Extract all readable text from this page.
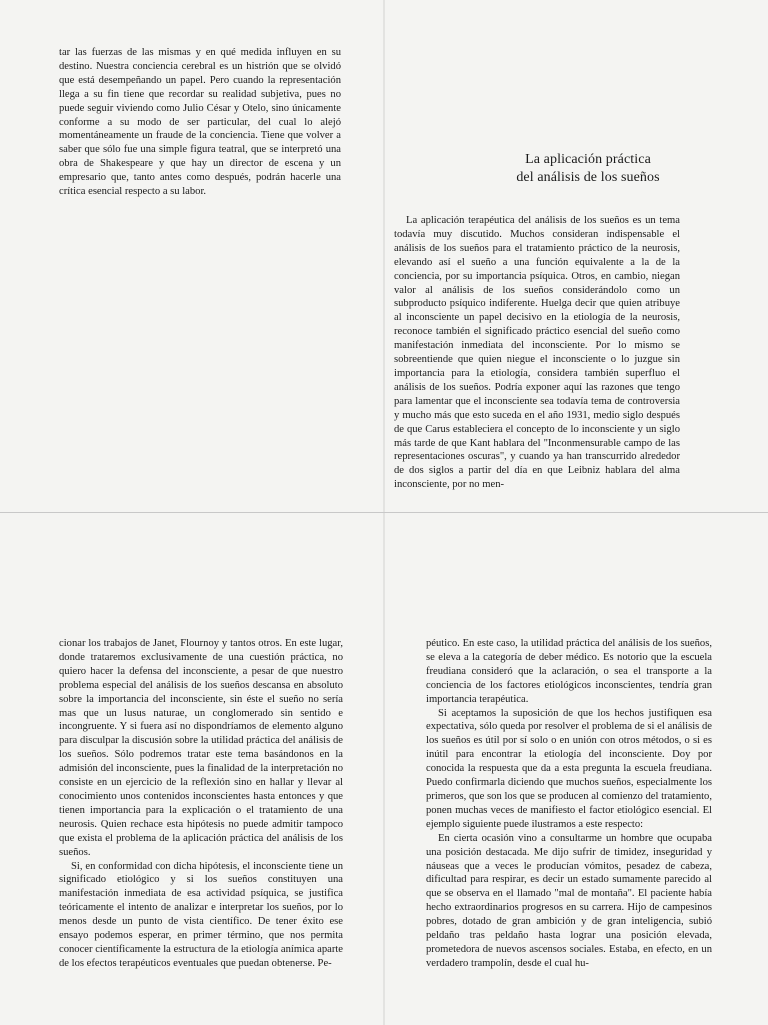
tar las fuerzas de las mismas y en qué medida influyen en su destino. Nuestra conciencia cerebral es un histrión que se olvidó que está desempeñando un papel. Pero cuando la representación llega a su fin tiene que recordar su realidad subjetiva, pues no puede seguir viviendo como Julio César y Otelo, sino únicamente conforme a su modo de ser particular, del cual lo alejó momentáneamente un fraude de la conciencia. Tiene que volver a saber que sólo fue una simple figura teatral, que se interpretó una obra de Shakespeare y que hay un director de escena y un empresario que, tanto antes como después, podrán hacerle una crítica esencial respecto a su labor.

La aplicación práctica
del análisis de los sueños

La aplicación terapéutica del análisis de los sueños es un tema todavía muy discutido. Muchos consideran indispensable el análisis de los sueños para el tratamiento práctico de la neurosis, elevando así el sueño a una función equivalente a la de la conciencia, por su importancia psíquica. Otros, en cambio, niegan valor al análisis de los sueños considerándolo como un subproducto psíquico indiferente. Huelga decir que quien atribuye al inconsciente un papel decisivo en la etiología de la neurosis, reconoce también el significado práctico esencial del sueño como manifestación inmediata del inconsciente. Por lo mismo se sobreentiende que quien niegue el inconsciente o lo juzgue sin importancia para la etiología, considera también superfluo el análisis de los sueños. Podría exponer aquí las razones que tengo para lamentar que el inconsciente sea todavía tema de controversia y mucho más que esto suceda en el año 1931, medio siglo después de que Carus estableciera el concepto de lo inconsciente y un siglo más tarde de que Kant hablara del "Inconmensurable campo de las representaciones oscuras", y cuando ya han transcurrido alrededor de dos siglos a partir del día en que Leibniz hablara del alma inconsciente, por no men-

cionar los trabajos de Janet, Flournoy y tantos otros. En este lugar, donde trataremos exclusivamente de una cuestión práctica, no quiero hacer la defensa del inconsciente, a pesar de que nuestro problema especial del análisis de los sueños descansa en absoluto sobre la importancia del inconsciente, sin éste el sueño no sería mas que un lusus naturae, un conglomerado sin sentido e incongruente. Y si fuera así no dispondríamos de elemento alguno para disculpar la discusión sobre la utilidad práctica del análisis de los sueños. Sólo podremos tratar este tema basándonos en la admisión del inconsciente, pues la finalidad de la interpretación no consiste en un ejercicio de la reflexión sino en hallar y llevar al conocimiento unos contenidos inconscientes hasta entonces y que tienen importancia para la explicación o el tratamiento de una neurosis. Quien rechace esta hipótesis no puede admitir tampoco que exista el problema de la aplicación práctica del análisis de los sueños.

Si, en conformidad con dicha hipótesis, el inconsciente tiene un significado etiológico y si los sueños constituyen una manifestación inmediata de esa actividad psíquica, se justifica teóricamente el intento de analizar e interpretar los sueños, por lo menos desde un punto de vista científico. De tener éxito ese ensayo podemos esperar, en primer término, que nos permita conocer científicamente la estructura de la etiología anímica aparte de los efectos terapéuticos eventuales que puedan obtenerse. Pe-

péutico. En este caso, la utilidad práctica del análisis de los sueños, se eleva a la categoría de deber médico. Es notorio que la escuela freudiana consideró que la aclaración, o sea el transporte a la conciencia de los factores etiológicos inconscientes, tendría gran importancia terapéutica.

Si aceptamos la suposición de que los hechos justifiquen esa expectativa, sólo queda por resolver el problema de si el análisis de los sueños es útil por sí solo o en unión con otros métodos, o si es inútil para encontrar la etiología del inconsciente. Doy por conocida la respuesta que da a esta pregunta la escuela freudiana. Puedo confirmarla diciendo que muchos sueños, especialmente los primeros, que son los que se producen al comienzo del tratamiento, ponen muchas veces de manifiesto el factor etiológico esencial. El ejemplo siguiente puede ilustramos a este respecto:

En cierta ocasión vino a consultarme un hombre que ocupaba una posición destacada. Me dijo sufrir de timidez, inseguridad y náuseas que a veces le producían vómitos, pesadez de cabeza, dificultad para respirar, es decir un estado sumamente parecido al que se observa en el llamado "mal de montaña". El paciente había hecho extraordinarios progresos en su carrera. Hijo de campesinos pobres, dotado de gran ambición y de gran inteligencia, subió peldaño tras peldaño hasta lograr una posición elevada, prometedora de nuevos ascensos sociales. Estaba, en efecto, en un verdadero trampolín, desde el cual hu-
